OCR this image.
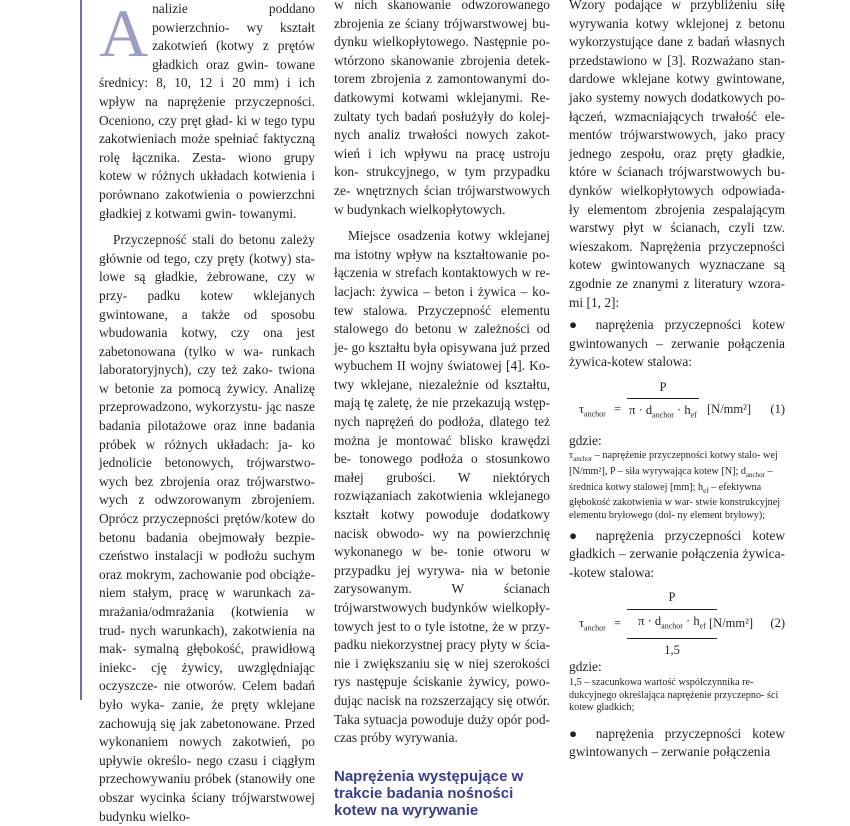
A nalizie poddano powierzchnio- wy kształt zakotwień (kotwy z prętów gładkich oraz gwin- towane średnicy: 8, 10, 12 i 20 mm) i ich wpływ na naprężenie przyczepności. Oceniono, czy pręt gład- ki w tego typu zakotwieniach może spełniać faktyczną rolę łącznika. Zesta- wiono grupy kotew w różnych układach kotwienia i porównano zakotwienia o powierzchni gładkiej z kotwami gwin- towanymi.

Przyczepność stali do betonu zależy głównie od tego, czy pręty (kotwy) sta- lowe są gładkie, żebrowane, czy w przy- padku kotew wklejanych gwintowane, a także od sposobu wbudowania kotwy, czy ona jest zabetonowana (tylko w wa- runkach laboratoryjnych), czy też zako- twiona w betonie za pomocą żywicy. Analizę przeprowadzono, wykorzystu- jąc nasze badania pilotażowe oraz inne badania próbek w różnych układach: ja- ko jednolicie betonowych, trójwarstwo- wych bez zbrojenia oraz trójwarstwo- wych z odwzorowanym zbrojeniem. Oprócz przyczepności prętów/kotew do betonu badania obejmowały bezpie- czeństwo instalacji w podłożu suchym oraz mokrym, zachowanie pod obciąże- niem stałym, pracę w warunkach za- mrażania/odmrażania (kotwienia w trud- nych warunkach), zakotwienia na mak- symalną głębokość, prawidłową iniekc- cję żywicy, uwzględniając oczyszcze- nie otworów. Celem badań było wyka- zanie, że pręty wklejane zachowują się jak zabetonowane. Przed wykonaniem nowych zakotwień, po upływie określo- nego czasu i ciągłym przechowywaniu próbek (stanowiły one obszar wycinka ściany trójwarstwowej budynku wielko-

w nich skanowanie odwzorowanego zbrojenia ze ściany trójwarstwowej bu- dynku wielkopłytowego. Następnie po- wtórzono skanowanie zbrojenia detek- torem zbrojenia z zamontowanymi do- datkowymi kotwami wklejanymi. Re- zultaty tych badań posłużyły do kolej- nych analiz trwałości nowych zakot- wień i ich wpływu na pracę ustroju kon- strukcyjnego, w tym przypadku ze- wnętrznych ścian trójwarstwowych w budynkach wielkopłytowych.

Miejsce osadzenia kotwy wklejanej ma istotny wpływ na kształtowanie po- łączenia w strefach kontaktowych w re- lacjach: żywica – beton i żywica – ko- tew stalowa. Przyczepność elementu stalowego do betonu w zależności od je- go kształtu była opisywana już przed wybuchem II wojny światowej [4]. Ko- twy wklejane, niezależnie od kształtu, mają tę zaletę, że nie przekazują wstęp- nych naprężeń do podłoża, dlatego też można je montować blisko krawędzi be- tonowego podłoża o stosunkowo małej grubości. W niektórych rozwiązaniach zakotwienia wklejanego kształt kotwy powoduje dodatkowy nacisk obwodo- wy na powierzchnię wykonanego w be- tonie otworu w przypadku jej wyrywa- nia w betonie zarysowanym. W ścianach trójwarstwowych budynków wielkopły- towych jest to o tyle istotne, że w przy- padku niekorzystnej pracy płyty w ścia- nie i zwiększaniu się w niej szerokości rys następuje ściskanie żywicy, powo- dując nacisk na rozszerzający się otwór. Taka sytuacja powoduje duży opór pod- czas próby wyrywania.

Naprężenia występujące w trakcie badania nośności kotew na wyrywanie

Wzory podające w przybliżeniu siłę wyrywania kotwy wklejonej z betonu wykorzystujące dane z badań własnych przedstawiono w [3]. Rozważano stan- dardowe wklejane kotwy gwintowane, jako systemy nowych dodatkowych po- łączeń, wzmacniających trwałość ele- mentów trójwarstwowych, jako pracy jednego zespołu, oraz pręty gładkie, które w ścianach trójwarstwowych bu- dynków wielkopłytowych odpowiada- ły elementom zbrojenia zespalającym warstwy płyt w ścianach, czyli tzw. wieszakom. Naprężenia przyczepności kotew gwintowanych wyznaczane są zgodnie ze znanymi z literatury wzora- mi [1, 2]:

● naprężenia przyczepności kotew gwintowanych – zerwanie połączenia żywica-kotew stalowa:

$\tau_{anchor}$ =
P
$\pi \cdot d_{anchor} \cdot h_{ef}$ [N/mm²] (1)

gdzie:

$\tau_{anchor}$ – naprężenie przyczepności kotwy stalo- wej [N/mm²], P – siła wyrywająca kotew [N]; $d_{anchor}$ – średnica kotwy stalowej [mm]; $h_{ef}$ – efektywna głębokość zakotwienia w war- stwie konstrukcyjnej elementu bryłowego (dol- ny element bryłowy);

● naprężenia przyczepności kotew gładkich – zerwanie połączenia żywica- -kotew stalowa:

$\tau_{anchor}$ =
P
$\pi \cdot d_{anchor} \cdot h_{ef}$
1,5
[N/mm²] (2)

gdzie:

1,5 – szacunkowa wartość współczynnika re- dukcyjnego określająca naprężenie przyczepno- ści kotew gładkich;

● naprężenia przyczepności kotew gwintowanych – zerwanie połączenia
